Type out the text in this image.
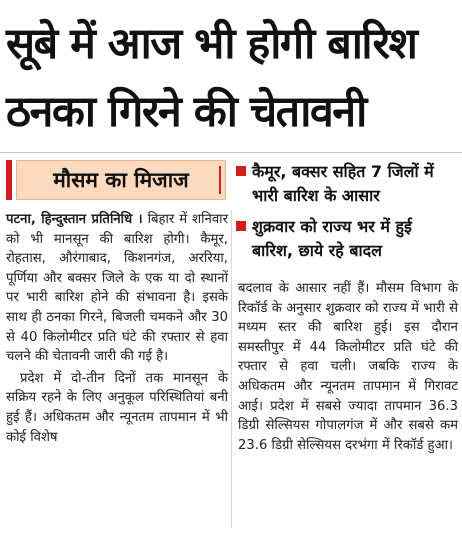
सूबे में आज भी होगी बारिश
ठनका गिरने की चेतावनी
मौसम का मिजाज	कैमूर, बक्सर सहित 7 जिलों में भारी बारिश के आसार
शुक्रवार को राज्य भर में हुई बारिश, छाये रहे बादल

पटना, हिन्दुस्तान प्रतिनिधि । बिहार में शनिवार को भी मानसून की बारिश होगी। कैमूर, रोहतास, औरंगाबाद, किशनगंज, अररिया, पूर्णिया और बक्सर जिले के एक या दो स्थानों पर भारी बारिश होने की संभावना है। इसके साथ ही ठनका गिरने, बिजली चमकने और 30 से 40 किलोमीटर प्रति घंटे की रफ्तार से हवा चलने की चेतावनी जारी की गई है।

प्रदेश में दो-तीन दिनों तक मानसून के सक्रिय रहने के लिए अनुकूल परिस्थितियां बनी हुई हैं। अधिकतम और न्यूनतम तापमान में भी कोई विशेष

बदलाव के आसार नहीं हैं। मौसम विभाग के रिकॉर्ड के अनुसार शुक्रवार को राज्य में भारी से मध्यम स्तर की बारिश हुई। इस दौरान समस्तीपुर में 44 किलोमीटर प्रति घंटे की रफ्तार से हवा चली। जबकि राज्य के अधिकतम और न्यूनतम तापमान में गिरावट आई। प्रदेश में सबसे ज्यादा तापमान 36.3 डिग्री सेल्सियस गोपालगंज में और सबसे कम 23.6 डिग्री सेल्सियस दरभंगा में रिकॉर्ड हुआ।
